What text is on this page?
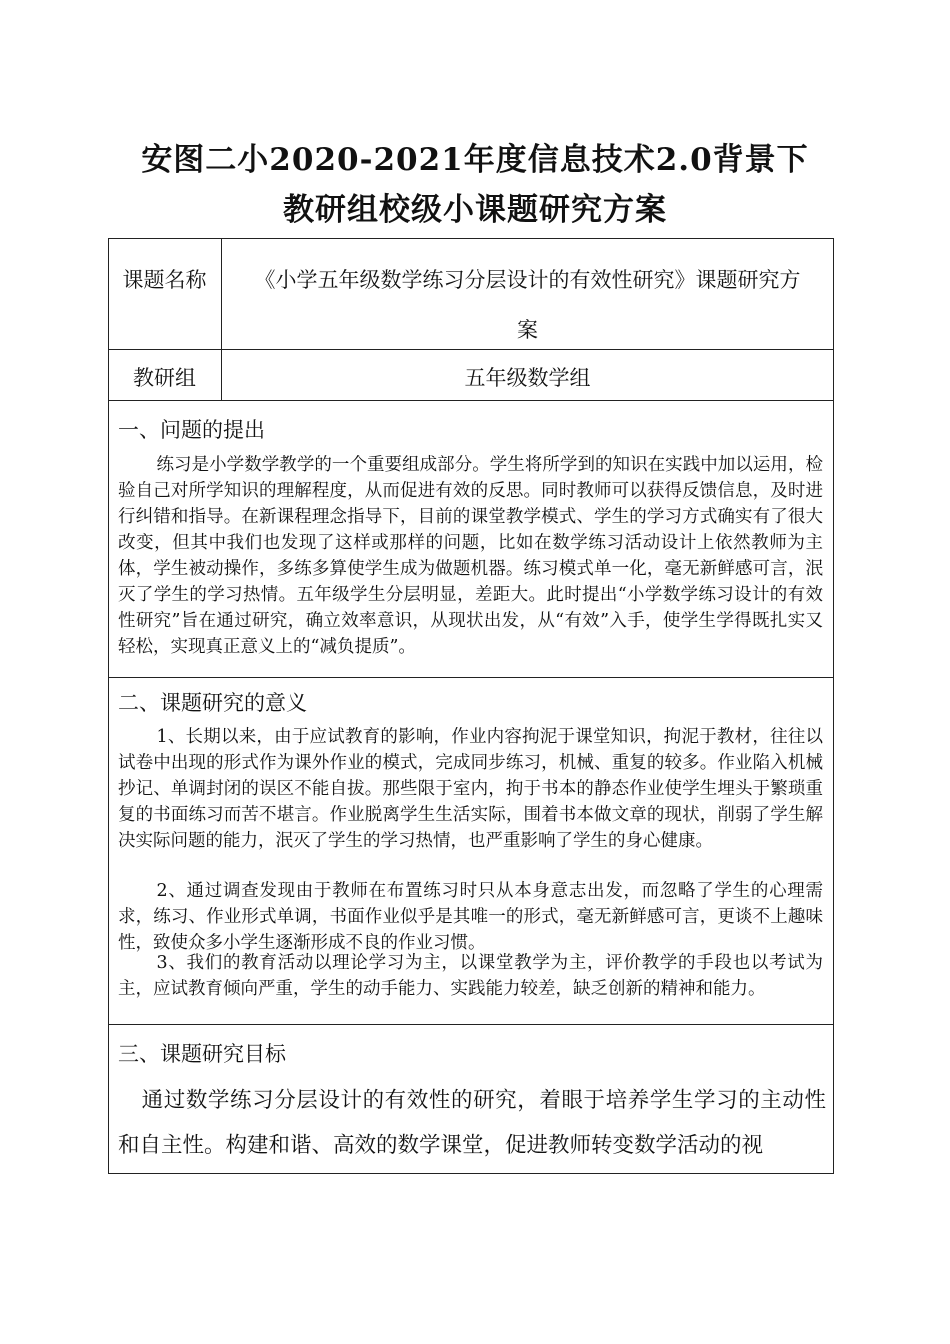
安图二小2020-2021年度信息技术2.0背景下
教研组校级小课题研究方案
课题名称	《小学五年级数学练习分层设计的有效性研究》课题研究方
案
教研组	五年级数学组
一、问题的提出

练习是小学数学教学的一个重要组成部分。学生将所学到的知识在实践中加以运用，检验自己对所学知识的理解程度，从而促进有效的反思。同时教师可以获得反馈信息，及时进行纠错和指导。在新课程理念指导下，目前的课堂教学模式、学生的学习方式确实有了很大改变，但其中我们也发现了这样或那样的问题，比如在数学练习活动设计上依然教师为主体，学生被动操作，多练多算使学生成为做题机器。练习模式单一化，毫无新鲜感可言，泯灭了学生的学习热情。五年级学生分层明显，差距大。此时提出“小学数学练习设计的有效性研究”旨在通过研究，确立效率意识，从现状出发，从“有效”入手，使学生学得既扎实又轻松，实现真正意义上的“减负提质”。

二、课题研究的意义

1、长期以来，由于应试教育的影响，作业内容拘泥于课堂知识，拘泥于教材，往往以试卷中出现的形式作为课外作业的模式，完成同步练习，机械、重复的较多。作业陷入机械抄记、单调封闭的误区不能自拔。那些限于室内，拘于书本的静态作业使学生埋头于繁琐重复的书面练习而苦不堪言。作业脱离学生生活实际，围着书本做文章的现状，削弱了学生解决实际问题的能力，泯灭了学生的学习热情，也严重影响了学生的身心健康。

2、通过调查发现由于教师在布置练习时只从本身意志出发，而忽略了学生的心理需求，练习、作业形式单调，书面作业似乎是其唯一的形式，毫无新鲜感可言，更谈不上趣味性，致使众多小学生逐渐形成不良的作业习惯。

3、我们的教育活动以理论学习为主，以课堂教学为主，评价教学的手段也以考试为主，应试教育倾向严重，学生的动手能力、实践能力较差，缺乏创新的精神和能力。

三、课题研究目标

通过数学练习分层设计的有效性的研究，着眼于培养学生学习的主动性和自主性。构建和谐、高效的数学课堂，促进教师转变数学活动的视
